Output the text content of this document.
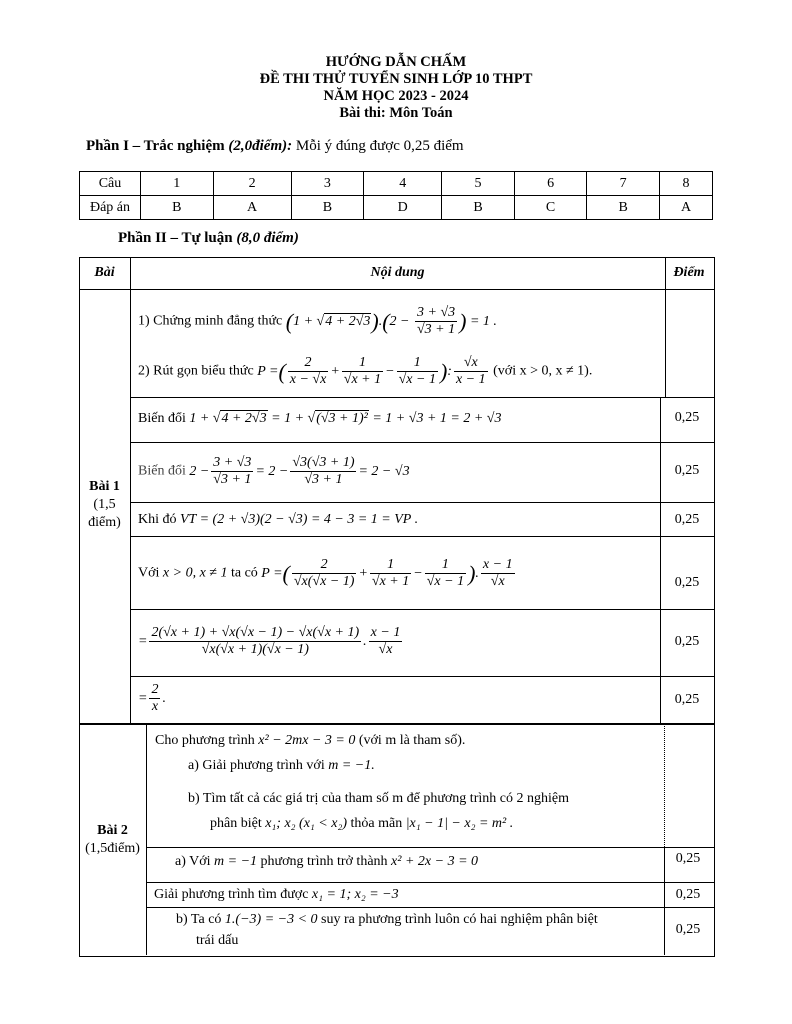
HƯỚNG DẪN CHẤM
ĐỀ THI THỬ TUYỂN SINH LỚP 10 THPT
NĂM HỌC 2023 - 2024
Bài thi: Môn Toán
Phần I – Trắc nghiệm (2,0điểm): Mỗi ý đúng được 0,25 điểm
Câu	1	2	3	4	5	6	7	8
Đáp án	B	A	B	D	B	C	B	A
Phần II – Tự luận (8,0 điểm)
Bài	Nội dung	Điểm
Bài 1
(1,5
điểm)
1) Chứng minh đẳng thức $(1 + √4 + 2√3).(2 - \frac{3 + √3}{√3 + 1}$ ) = 1 .
2) Rút gọn biểu thức P =( $\frac{2}{x - √x} + \frac{1}{√x + 1} - \frac{1}{√x - 1}$ ): $\frac{√x}{x - 1}$ (với x > 0, x ≠ 1).
Biến đổi 1 + √4 + 2√3 = 1 + √(√3 + 1)² = 1 + √3 + 1 = 2 + √3	0,25
Biến đổi $2 - \frac{3 + √3}{√3 + 1} = 2 - \frac{√3(√3 + 1)}{√3 + 1} = 2 - √3$	0,25
Khi đó VT = (2 + √3)(2 − √3) = 4 − 3 = 1 = VP .	0,25
Với x > 0, x ≠ 1 ta có P =( $\frac{2}{√x(√x - 1)} + \frac{1}{√x + 1} - \frac{1}{√x - 1}$ ). $\frac{x - 1}{√x}$	0,25
= $\frac{2(√x + 1) + √x(√x - 1) - √x(√x + 1)}{√x(√x + 1)(√x - 1)}$ . $\frac{x - 1}{√x}$	0,25
= $\frac{2}{x}$ .	0,25
Bài 2
(1,5điểm)
Cho phương trình x² − 2mx − 3 = 0 (với m là tham số).
a) Giải phương trình với m = −1.
b) Tìm tất cả các giá trị của tham số m để phương trình có 2 nghiệm
phân biệt x₁; x₂ (x₁ < x₂) thỏa mãn |x₁ − 1| − x₂ = m² .
a) Với m = −1 phương trình trở thành x² + 2x − 3 = 0	0,25
Giải phương trình tìm được x₁ = 1; x₂ = −3	0,25
b) Ta có 1.(−3) = −3 < 0 suy ra phương trình luôn có hai nghiệm phân biệt
trái dấu
0,25
